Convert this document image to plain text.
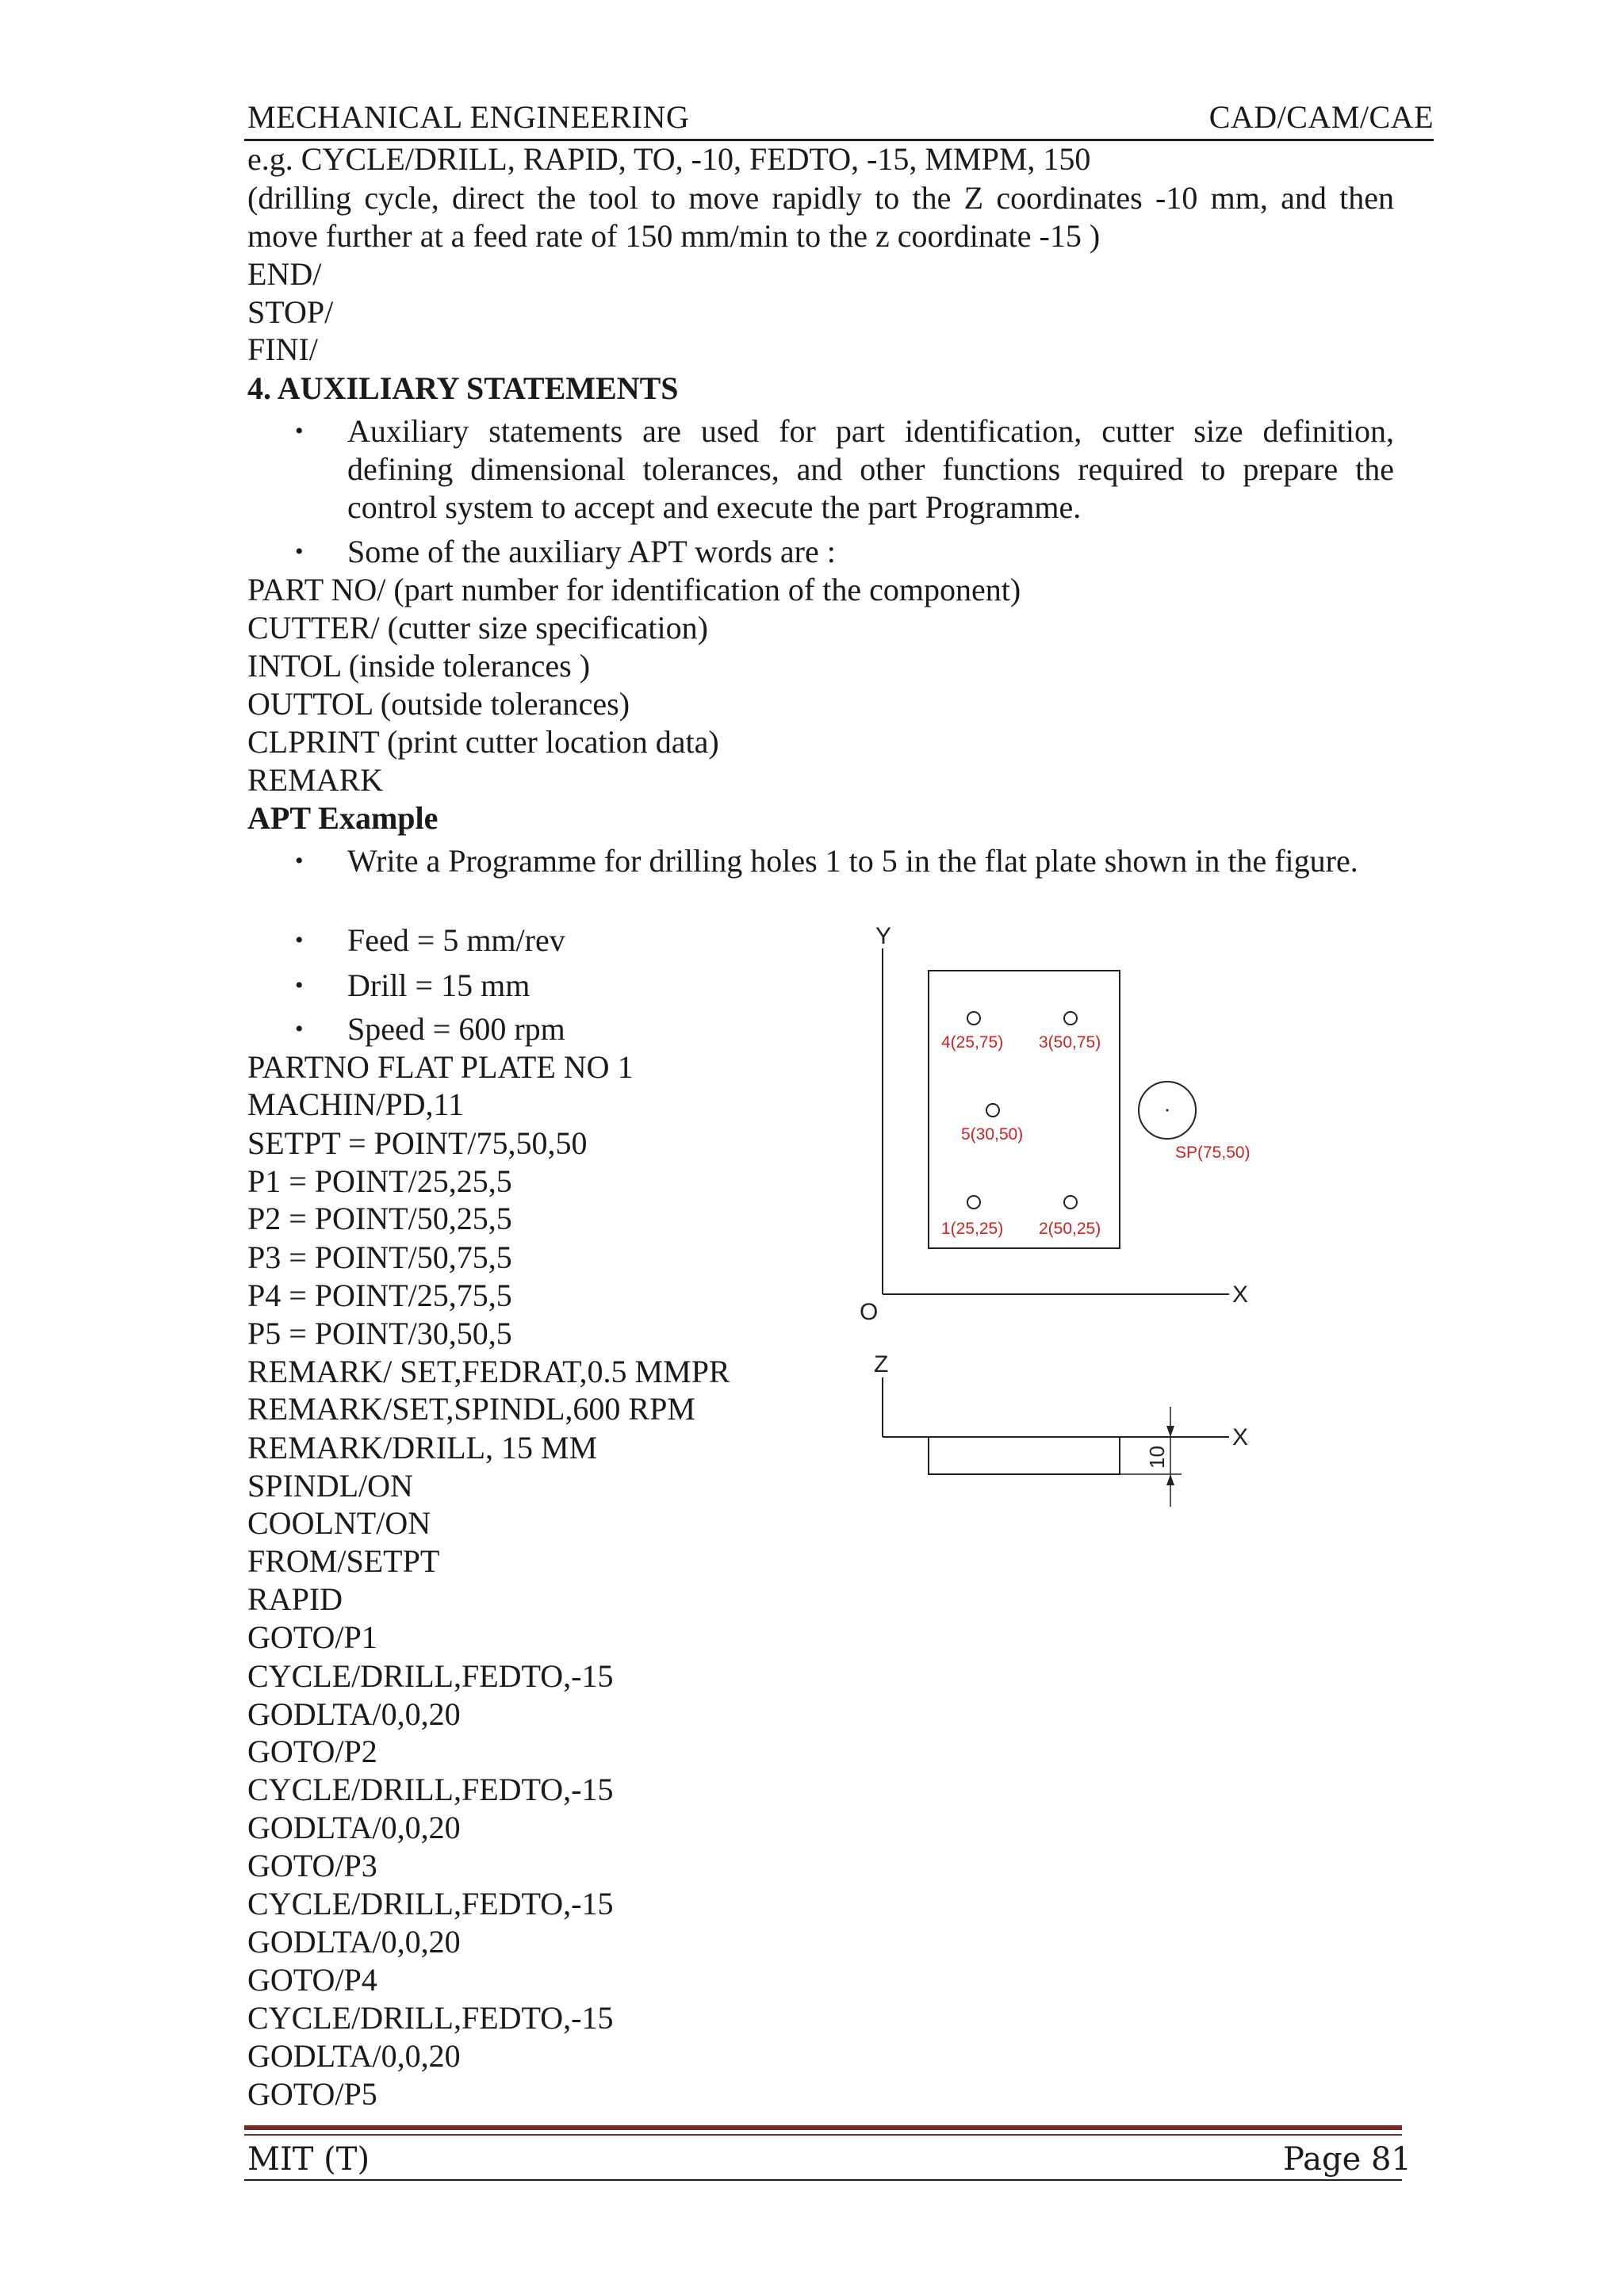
MECHANICAL ENGINEERING	CAD/CAM/CAE
e.g. CYCLE/DRILL, RAPID, TO, -10, FEDTO, -15, MMPM, 150
(drilling cycle, direct the tool to move rapidly to the Z coordinates -10 mm, and then move further at a feed rate of 150 mm/min to the z coordinate -15 )
END/
STOP/
FINI/
4. AUXILIARY STATEMENTS
• Auxiliary statements are used for part identification, cutter size definition, defining dimensional tolerances, and other functions required to prepare the control system to accept and execute the part Programme.
• Some of the auxiliary APT words are :
PART NO/ (part number for identification of the component)
CUTTER/ (cutter size specification)
INTOL (inside tolerances )
OUTTOL (outside tolerances)
CLPRINT (print cutter location data)
REMARK
APT Example
• Write a Programme for drilling holes 1 to 5 in the flat plate shown in the figure.
• Feed = 5 mm/rev
• Drill = 15 mm
• Speed = 600 rpm
PARTNO FLAT PLATE NO 1
MACHIN/PD,11
SETPT = POINT/75,50,50
P1 = POINT/25,25,5
P2 = POINT/50,25,5
P3 = POINT/50,75,5
P4 = POINT/25,75,5
P5 = POINT/30,50,5
REMARK/ SET,FEDRAT,0.5 MMPR
REMARK/SET,SPINDL,600 RPM
REMARK/DRILL, 15 MM
SPINDL/ON
COOLNT/ON
FROM/SETPT
RAPID
GOTO/P1
CYCLE/DRILL,FEDTO,-15
GODLTA/0,0,20
GOTO/P2
CYCLE/DRILL,FEDTO,-15
GODLTA/0,0,20
GOTO/P3
CYCLE/DRILL,FEDTO,-15
GODLTA/0,0,20
GOTO/P4
CYCLE/DRILL,FEDTO,-15
GODLTA/0,0,20
GOTO/P5
Y
X
O
4(25,75) 3(50,75)
5(30,50)
1(25,25) 2(50,25)
SP(75,50)
Z
X
10
MIT (T)	Page 81
